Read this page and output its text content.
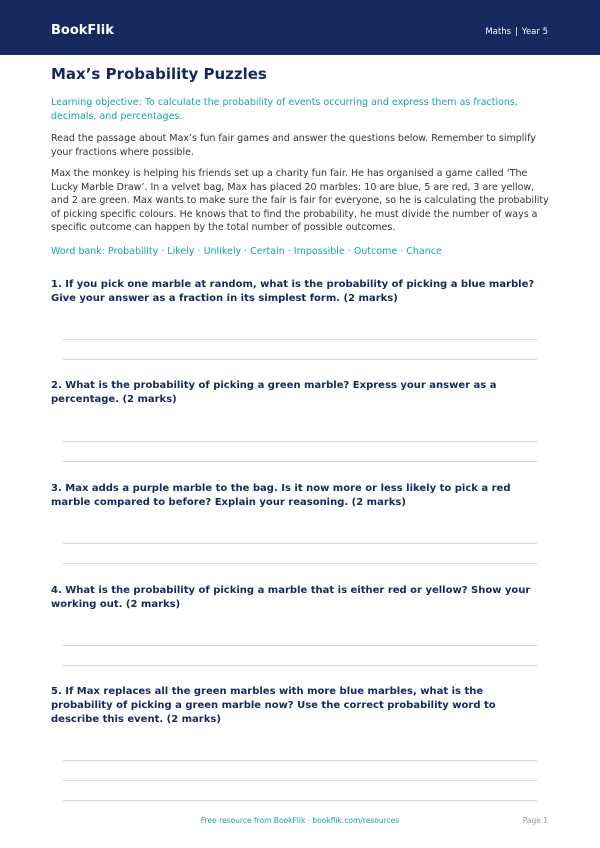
BookFlik	Maths | Year 5
Max’s Probability Puzzles

Learning objective: To calculate the probability of events occurring and express them as fractions, decimals, and percentages.

Read the passage about Max’s fun fair games and answer the questions below. Remember to simplify your fractions where possible.

Max the monkey is helping his friends set up a charity fun fair. He has organised a game called ‘The Lucky Marble Draw’. In a velvet bag, Max has placed 20 marbles: 10 are blue, 5 are red, 3 are yellow, and 2 are green. Max wants to make sure the fair is fair for everyone, so he is calculating the probability of picking specific colours. He knows that to find the probability, he must divide the number of ways a specific outcome can happen by the total number of possible outcomes.

Word bank: Probability · Likely · Unlikely · Certain · Impossible · Outcome · Chance

1. If you pick one marble at random, what is the probability of picking a blue marble? Give your answer as a fraction in its simplest form. (2 marks)
2. What is the probability of picking a green marble? Express your answer as a percentage. (2 marks)
3. Max adds a purple marble to the bag. Is it now more or less likely to pick a red marble compared to before? Explain your reasoning. (2 marks)
4. What is the probability of picking a marble that is either red or yellow? Show your working out. (2 marks)
5. If Max replaces all the green marbles with more blue marbles, what is the probability of picking a green marble now? Use the correct probability word to describe this event. (2 marks)
Free resource from BookFlik · bookflik.com/resources	Page 1
